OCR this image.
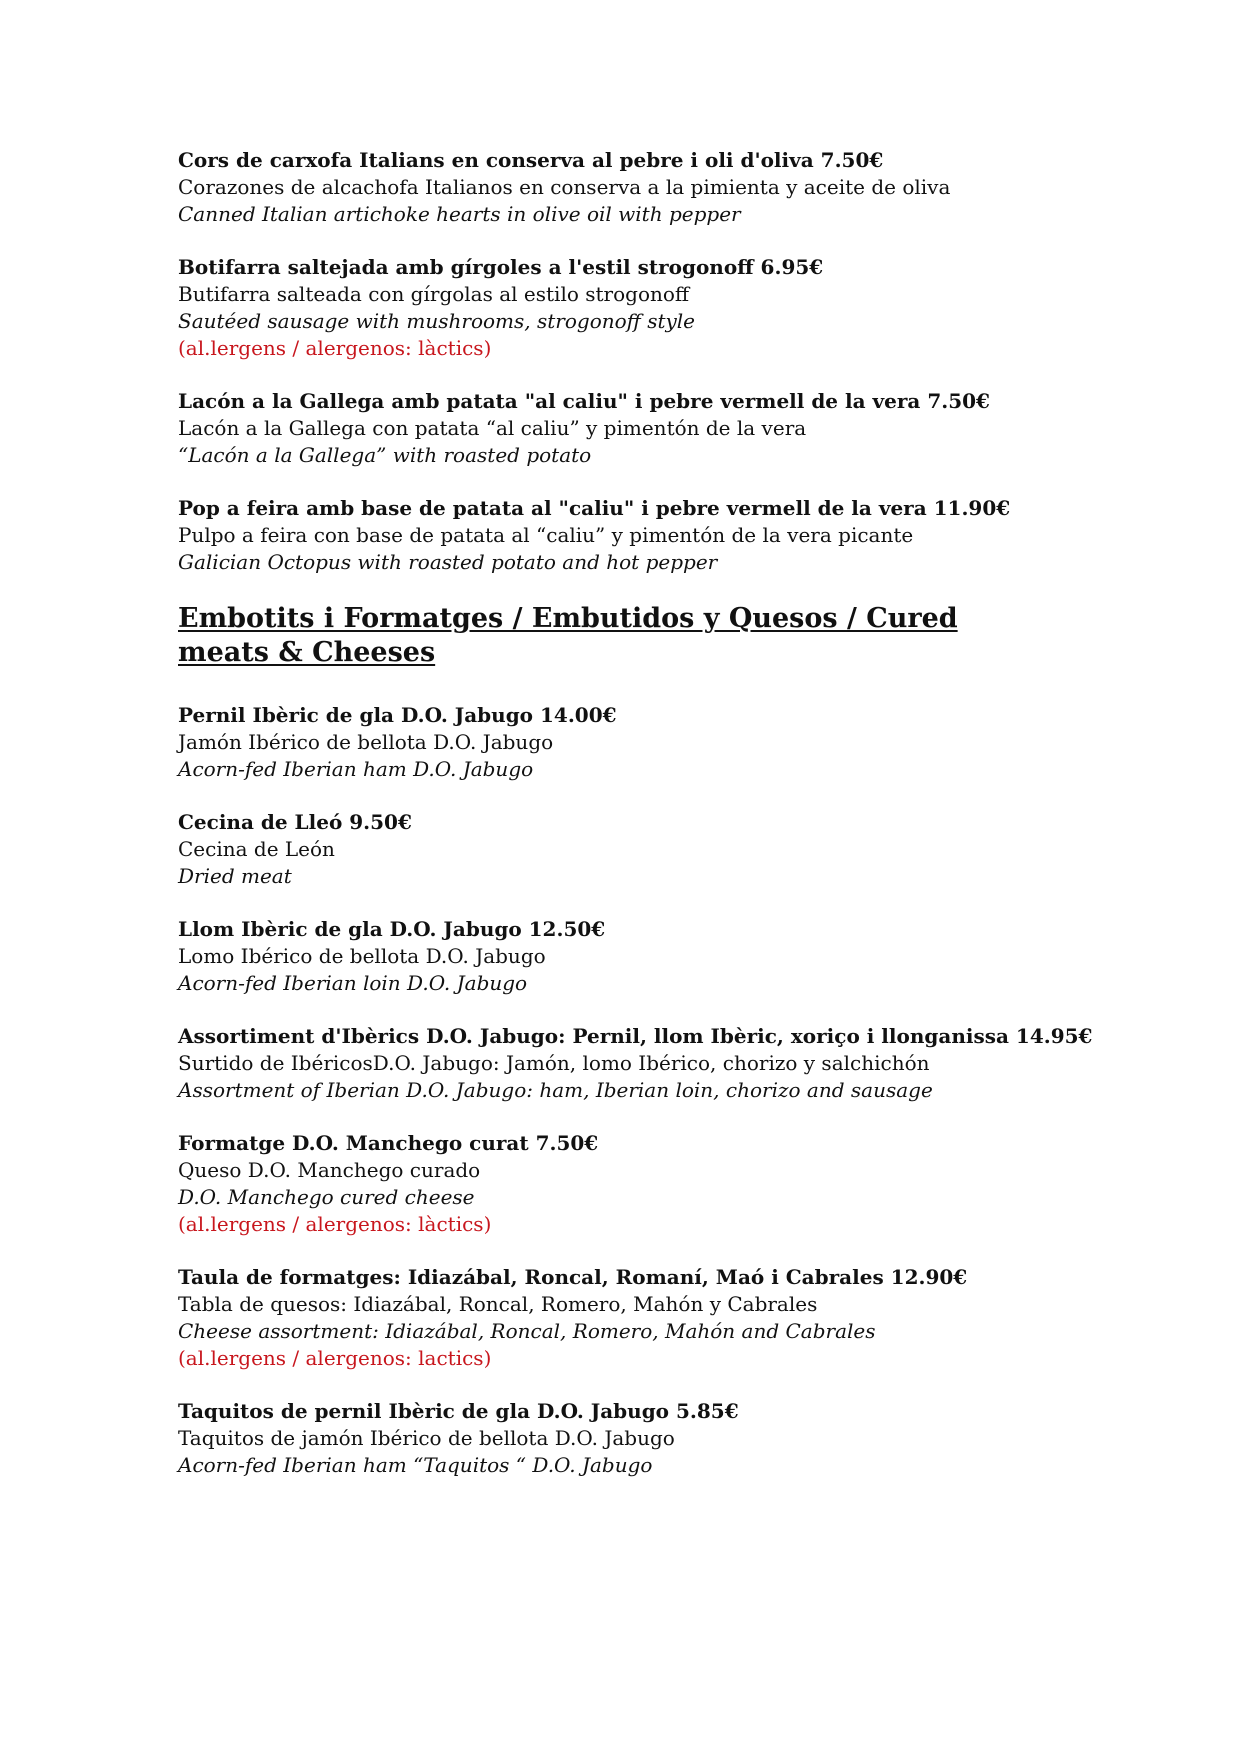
Cors de carxofa Italians en conserva al pebre i oli d'oliva 7.50€

Corazones de alcachofa Italianos en conserva a la pimienta y aceite de oliva

Canned Italian artichoke hearts in olive oil with pepper

Botifarra saltejada amb gírgoles a l'estil strogonoff 6.95€

Butifarra salteada con gírgolas al estilo strogonoff

Sautéed sausage with mushrooms, strogonoff style

(al.lergens / alergenos: làctics)

Lacón a la Gallega amb patata "al caliu" i pebre vermell de la vera 7.50€

Lacón a la Gallega con patata “al caliu” y pimentón de la vera

“Lacón a la Gallega” with roasted potato

Pop a feira amb base de patata al "caliu" i pebre vermell de la vera 11.90€

Pulpo a feira con base de patata al “caliu” y pimentón de la vera picante

Galician Octopus with roasted potato and hot pepper

Embotits i Formatges / Embutidos y Quesos / Cured meats & Cheeses

Pernil Ibèric de gla D.O. Jabugo 14.00€

Jamón Ibérico de bellota D.O. Jabugo

Acorn-fed Iberian ham D.O. Jabugo

Cecina de Lleó 9.50€

Cecina de León

Dried meat

Llom Ibèric de gla D.O. Jabugo 12.50€

Lomo Ibérico de bellota D.O. Jabugo

Acorn-fed Iberian loin D.O. Jabugo

Assortiment d'Ibèrics D.O. Jabugo: Pernil, llom Ibèric, xoriço i llonganissa 14.95€

Surtido de IbéricosD.O. Jabugo: Jamón, lomo Ibérico, chorizo y salchichón

Assortment of Iberian D.O. Jabugo: ham, Iberian loin, chorizo and sausage

Formatge D.O. Manchego curat 7.50€

Queso D.O. Manchego curado

D.O. Manchego cured cheese

(al.lergens / alergenos: làctics)

Taula de formatges: Idiazábal, Roncal, Romaní, Maó i Cabrales 12.90€

Tabla de quesos: Idiazábal, Roncal, Romero, Mahón y Cabrales

Cheese assortment: Idiazábal, Roncal, Romero, Mahón and Cabrales

(al.lergens / alergenos: lactics)

Taquitos de pernil Ibèric de gla D.O. Jabugo 5.85€

Taquitos de jamón Ibérico de bellota D.O. Jabugo

Acorn-fed Iberian ham “Taquitos “ D.O. Jabugo
